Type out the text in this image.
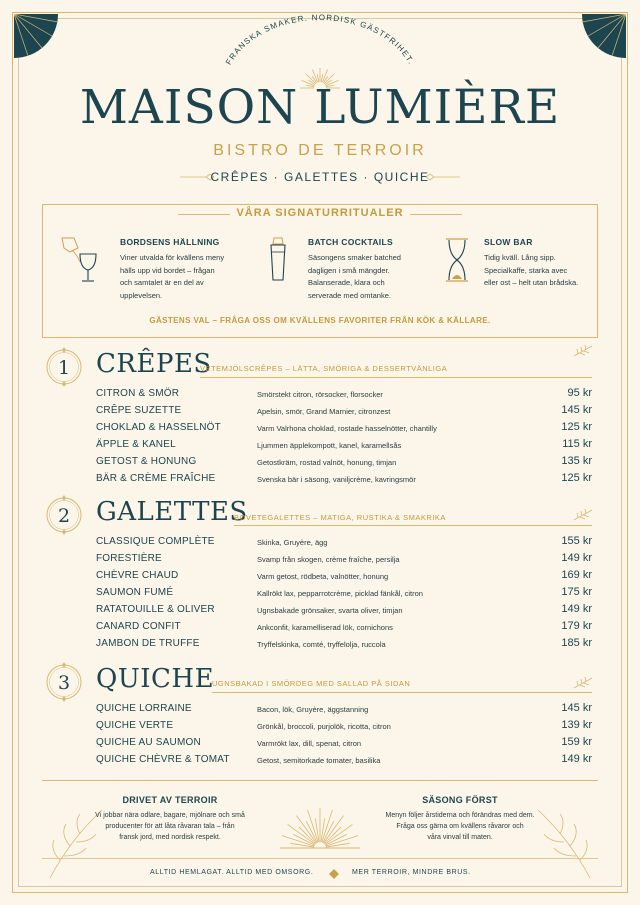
FRANSKA SMAKER. NORDISK GÄSTFRIHET.
MAISON LUMIÈRE
BISTRO DE TERROIR
CRÊPES · GALETTES · QUICHE
VÅRA SIGNATURRITUALER
BORDSENS HÄLLNING
Viner utvalda för kvällens meny
hälls upp vid bordet – frågan
och samtalet är en del av
upplevelsen.
BATCH COCKTAILS
Säsongens smaker batched
dagligen i små mängder.
Balanserade, klara och
serverade med omtanke.
SLOW BAR
Tidig kväll. Lång sipp.
Specialkaffe, starka avec
eller ost – helt utan brådska.
GÄSTENS VAL – FRÅGA OSS OM KVÄLLENS FAVORITER FRÅN KÖK & KÄLLARE.
1 CRÊPES
VETEMJÖLSCRÊPES – LÄTTA, SMÖRIGA & DESSERTVÄNLIGA
CITRON & SMÖR	Smörstekt citron, rörsocker, florsocker	95 kr
CRÊPE SUZETTE	Apelsin, smör, Grand Marnier, citronzest	145 kr
CHOKLAD & HASSELNÖT	Varm Valrhona choklad, rostade hasselnötter, chantilly	125 kr
ÄPPLE & KANEL	Ljummen äpplekompott, kanel, karamellsås	115 kr
GETOST & HONUNG	Getostkräm, rostad valnöt, honung, timjan	135 kr
BÄR & CRÈME FRAÎCHE	Svenska bär i säsong, vaniljcrème, kavringsmör	125 kr
2 GALETTES
BOVETEGALETTES – MATIGA, RUSTIKA & SMAKRIKA
CLASSIQUE COMPLÈTE	Skinka, Gruyère, ägg	155 kr
FORESTIÈRE	Svamp från skogen, crème fraîche, persilja	149 kr
CHÈVRE CHAUD	Varm getost, rödbeta, valnötter, honung	169 kr
SAUMON FUMÉ	Kallrökt lax, pepparrotcrème, picklad fänkål, citron	175 kr
RATATOUILLE & OLIVER	Ugnsbakade grönsaker, svarta oliver, timjan	149 kr
CANARD CONFIT	Ankconfit, karamelliserad lök, cornichons	179 kr
JAMBON DE TRUFFE	Tryffelskinka, comté, tryffelolja, ruccola	185 kr
3 QUICHE
UGNSBAKAD I SMÖRDEG MED SALLAD PÅ SIDAN
QUICHE LORRAINE	Bacon, lök, Gruyère, äggstanning	145 kr
QUICHE VERTE	Grönkål, broccoli, purjolök, ricotta, citron	139 kr
QUICHE AU SAUMON	Varmrökt lax, dill, spenat, citron	159 kr
QUICHE CHÈVRE & TOMAT	Getost, semitorkade tomater, basilika	149 kr
DRIVET AV TERROIR
Vi jobbar nära odlare, bagare, mjölnare och små
producenter för att låta råvaran tala – från
fransk jord, med nordisk respekt.
SÄSONG FÖRST
Menyn följer årstiderna och förändras med dem.
Fråga oss gärna om kvällens råvaror och
våra vinval till maten.
ALLTID HEMLAGAT. ALLTID MED OMSORG.	MER TERROIR, MINDRE BRUS.
